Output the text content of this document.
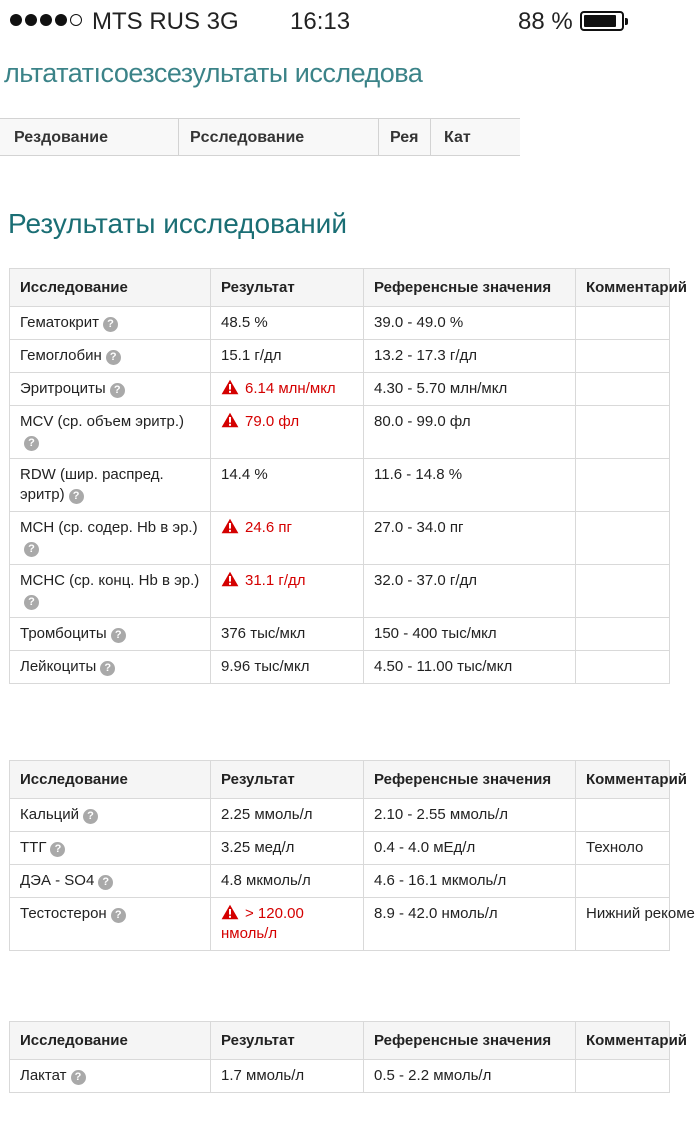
MTS RUS 3G 16:13	88 %
льтататıсоезсезультаты исследова
Рездование	Рсследование	Рея Кат
Результаты исследований
Исследование	Результат	Референсные значения	Комментарий
Гематокрит ?	48.5 %	39.0 - 49.0 %	
Гемоглобин ?	15.1 г/дл	13.2 - 17.3 г/дл	
Эритроциты ?	6.14 млн/мкл	4.30 - 5.70 млн/мкл	
MCV (ср. объем эритр.)?	79.0 фл	80.0 - 99.0 фл	
RDW (шир. распред. эритр) ?	14.4 %	11.6 - 14.8 %	
MCH (ср. содер. Hb в эр.)?	24.6 пг	27.0 - 34.0 пг	
MCHC (ср. конц. Hb в эр.)?	31.1 г/дл	32.0 - 37.0 г/дл	
Тромбоциты ?	376 тыс/мкл	150 - 400 тыс/мкл	
Лейкоциты ?	9.96 тыс/мкл	4.50 - 11.00 тыс/мкл	
Исследование	Результат	Референсные значения	Комментарий
Кальций ?	2.25 ммоль/л	2.10 - 2.55 ммоль/л	
ТТГ ?	3.25 мед/л	0.4 - 4.0 мЕд/л	Техноло
ДЭА - SO4 ?	4.8 мкмоль/л	4.6 - 16.1 мкмоль/л	
Тестостерон ?	> 120.00 нмоль/л	8.9 - 42.0 нмоль/л	Нижний рекоме
Исследование	Результат	Референсные значения	Комментарий
Лактат ?	1.7 ммоль/л	0.5 - 2.2 ммоль/л	
